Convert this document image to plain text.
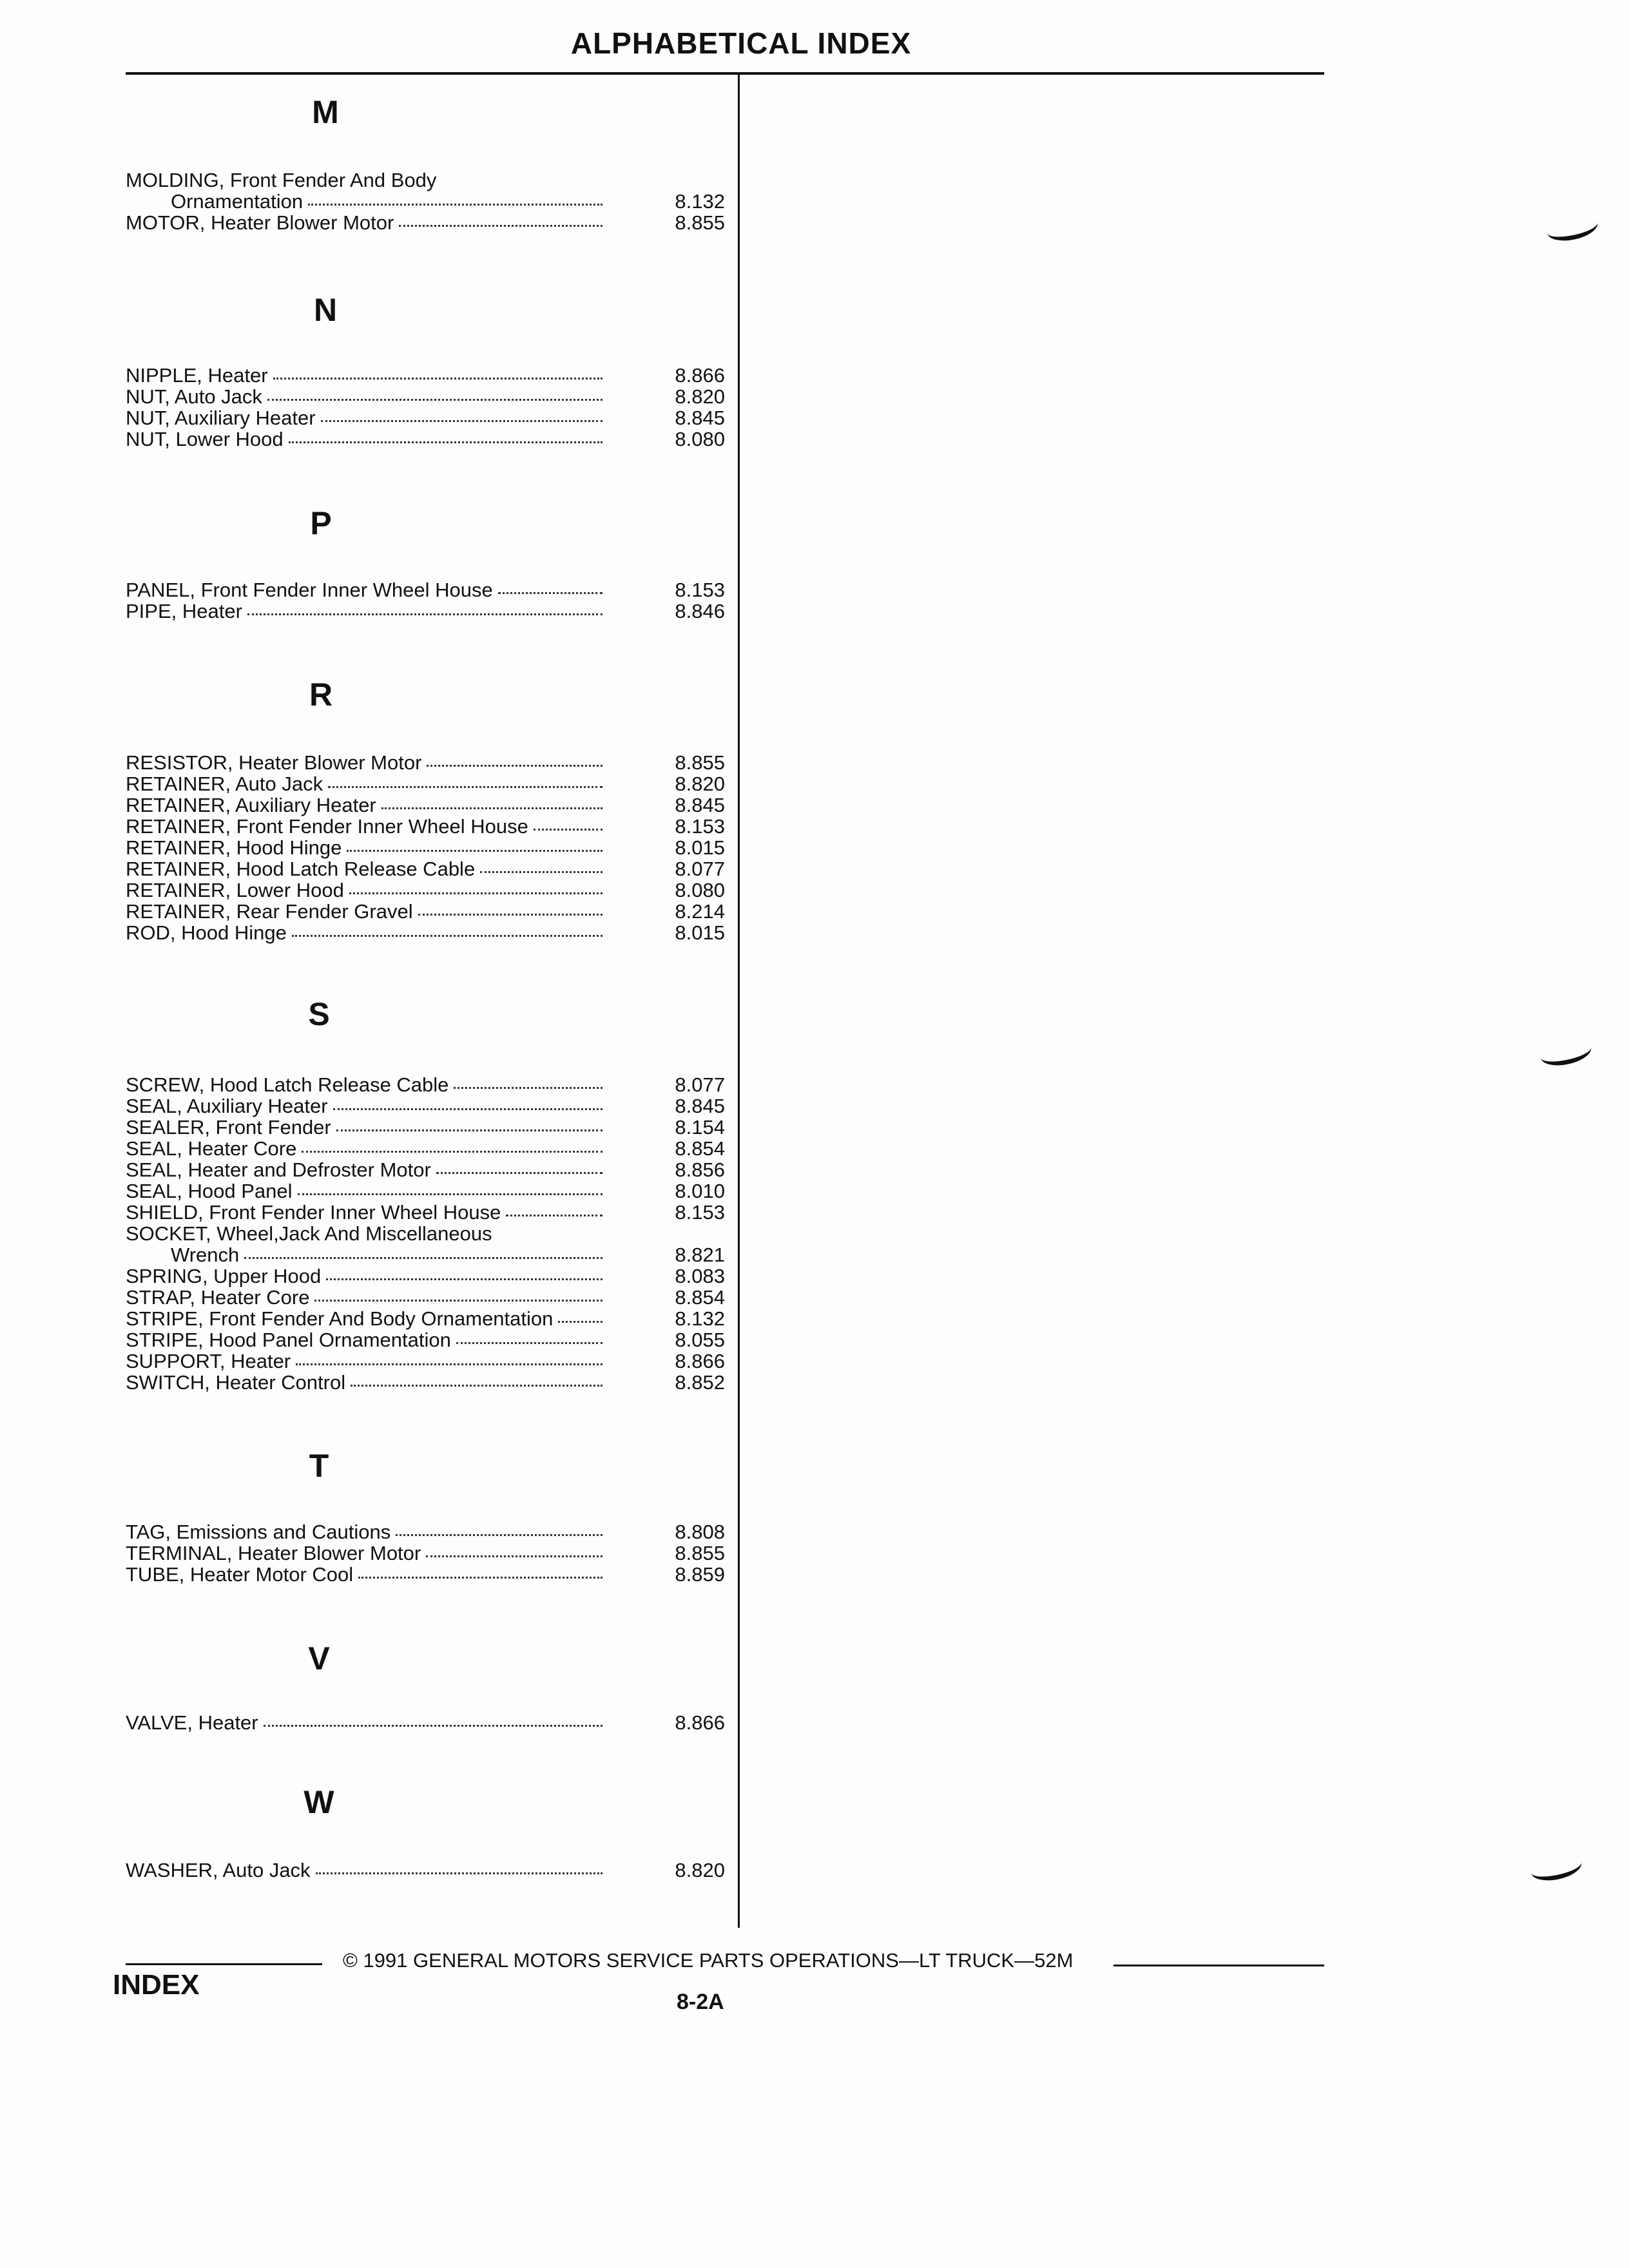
ALPHABETICAL INDEX
M
MOLDING, Front Fender And Body
Ornamentation	8.132
MOTOR, Heater Blower Motor	8.855
N
NIPPLE, Heater	8.866
NUT, Auto Jack	8.820
NUT, Auxiliary Heater	8.845
NUT, Lower Hood	8.080
P
PANEL, Front Fender Inner Wheel House	8.153
PIPE, Heater	8.846
R
RESISTOR, Heater Blower Motor	8.855
RETAINER, Auto Jack	8.820
RETAINER, Auxiliary Heater	8.845
RETAINER, Front Fender Inner Wheel House	8.153
RETAINER, Hood Hinge	8.015
RETAINER, Hood Latch Release Cable	8.077
RETAINER, Lower Hood	8.080
RETAINER, Rear Fender Gravel	8.214
ROD, Hood Hinge	8.015
S
SCREW, Hood Latch Release Cable	8.077
SEAL, Auxiliary Heater	8.845
SEALER, Front Fender	8.154
SEAL, Heater Core	8.854
SEAL, Heater and Defroster Motor	8.856
SEAL, Hood Panel	8.010
SHIELD, Front Fender Inner Wheel House	8.153
SOCKET, Wheel,Jack And Miscellaneous
Wrench	8.821
SPRING, Upper Hood	8.083
STRAP, Heater Core	8.854
STRIPE, Front Fender And Body Ornamentation	8.132
STRIPE, Hood Panel Ornamentation	8.055
SUPPORT, Heater	8.866
SWITCH, Heater Control	8.852
T
TAG, Emissions and Cautions	8.808
TERMINAL, Heater Blower Motor	8.855
TUBE, Heater Motor Cool	8.859
V
VALVE, Heater	8.866
W
WASHER, Auto Jack	8.820
© 1991 GENERAL MOTORS SERVICE PARTS OPERATIONS—LT TRUCK—52M
INDEX
8-2A
